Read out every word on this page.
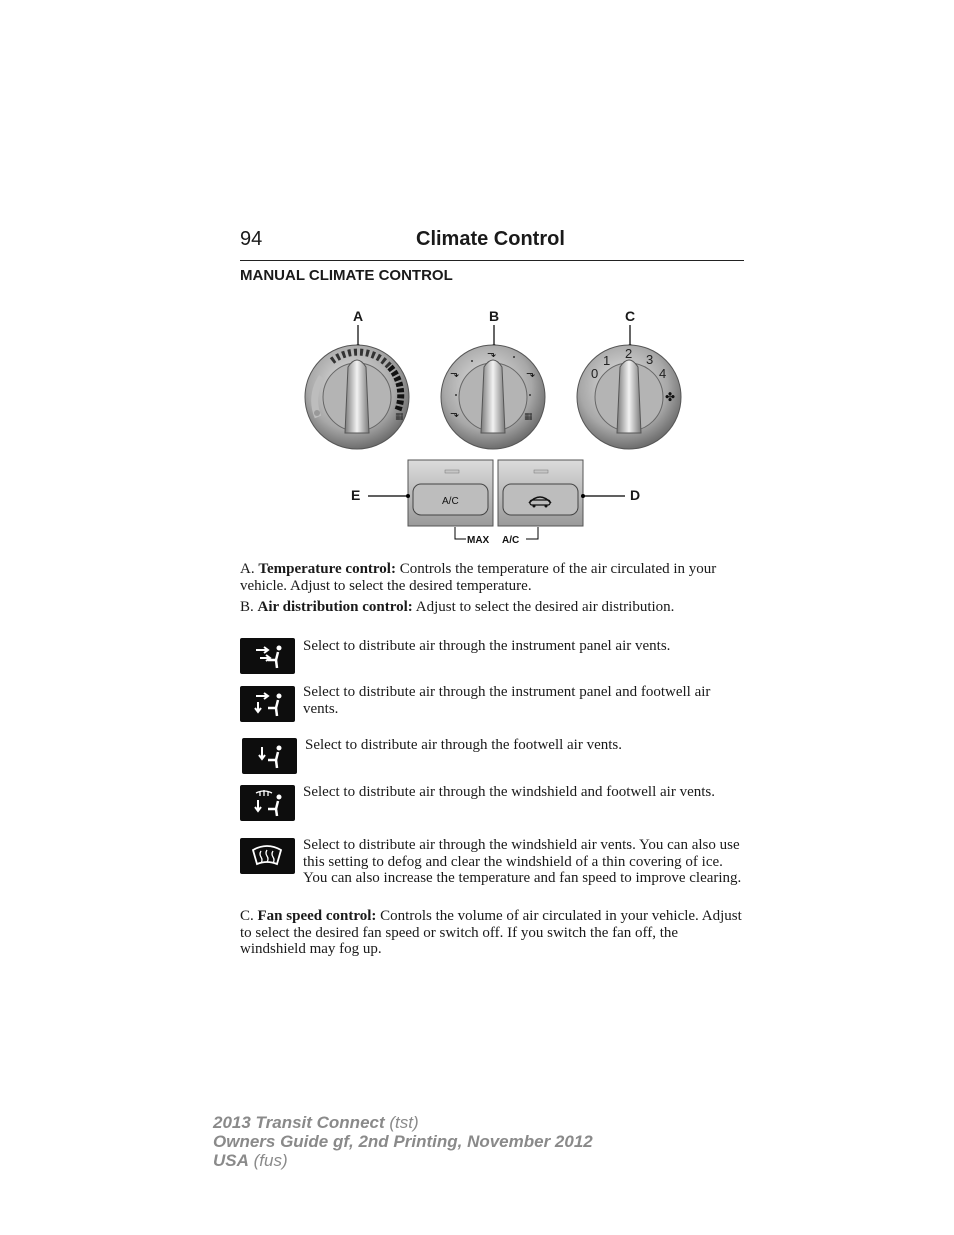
94	Climate Control
MANUAL CLIMATE CONTROL
A	B	C
E	D
▦
⬎
⬎	⬎
⬎	▦
0
1 2 3
4
✤
A/C
MAX A/C
A. Temperature control: Controls the temperature of the air circulated in your vehicle. Adjust to select the desired temperature.
B. Air distribution control: Adjust to select the desired air distribution.
Select to distribute air through the instrument panel air vents.
Select to distribute air through the instrument panel and footwell air vents.
Select to distribute air through the footwell air vents.
Select to distribute air through the windshield and footwell air vents.
Select to distribute air through the windshield air vents. You can also use this setting to defog and clear the windshield of a thin covering of ice. You can also increase the temperature and fan speed to improve clearing.
C. Fan speed control: Controls the volume of air circulated in your vehicle. Adjust to select the desired fan speed or switch off. If you switch the fan off, the windshield may fog up.
2013 Transit Connect (tst)
Owners Guide gf, 2nd Printing, November 2012
USA (fus)
